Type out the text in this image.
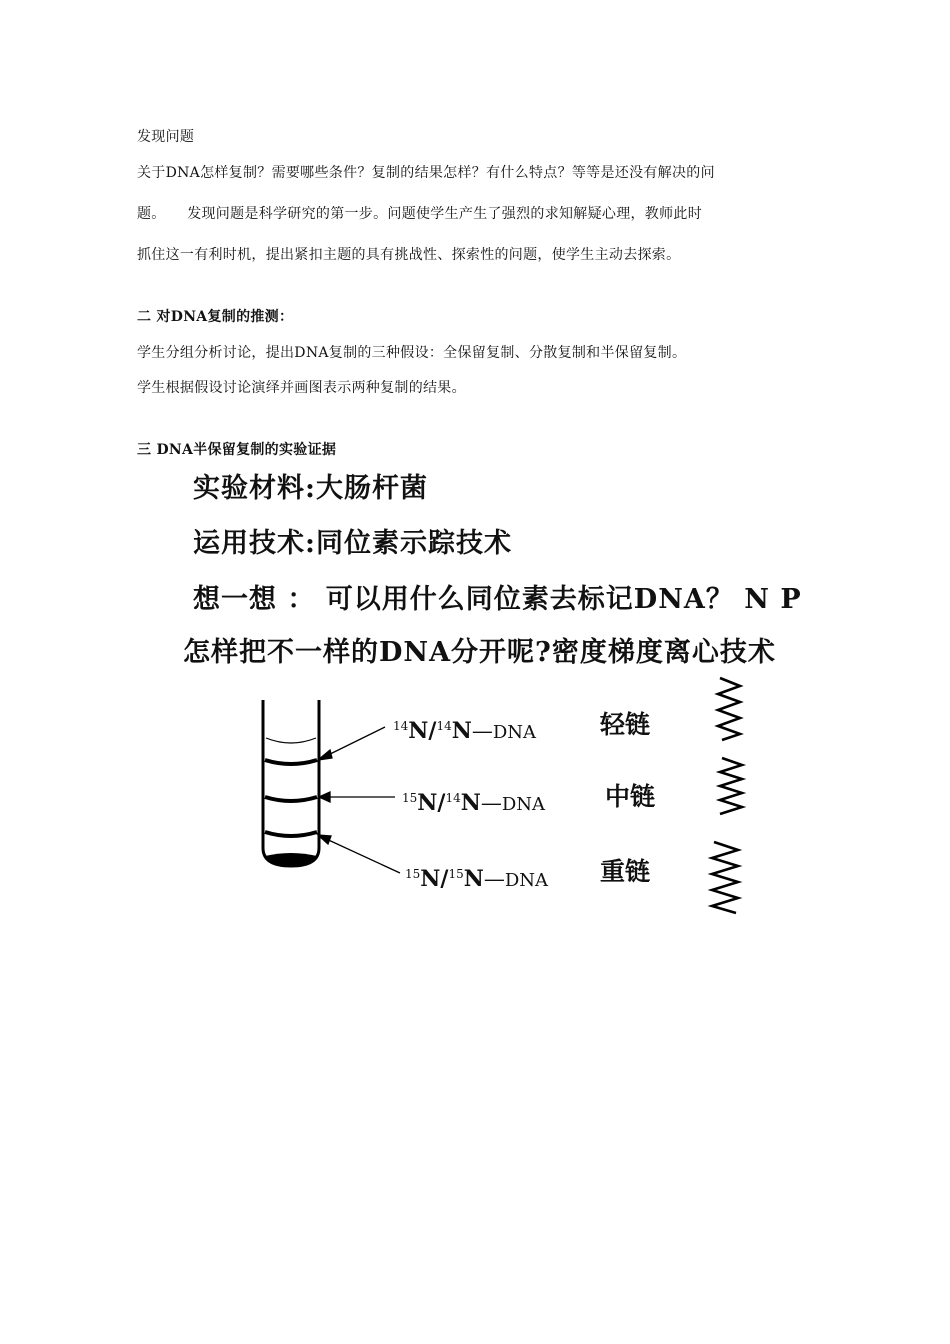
发现问题
关于DNA怎样复制？需要哪些条件？复制的结果怎样？有什么特点？等等是还没有解决的问
题。　　发现问题是科学研究的第一步。问题使学生产生了强烈的求知解疑心理，教师此时
抓住这一有利时机，提出紧扣主题的具有挑战性、探索性的问题，使学生主动去探索。
二 对DNA复制的推测：
学生分组分析讨论，提出DNA复制的三种假设：全保留复制、分散复制和半保留复制。
学生根据假设讨论演绎并画图表示两种复制的结果。
三 DNA半保留复制的实验证据
实验材料:大肠杆菌
运用技术:同位素示踪技术
想一想 ： 可以用什么同位素去标记DNA？ N P
怎样把不一样的DNA分开呢?密度梯度离心技术
$^{14}$N/$^{14}$N—DNA
$^{15}$N/$^{14}$N—DNA
$^{15}$N/$^{15}$N—DNA
轻链
中链
重链
